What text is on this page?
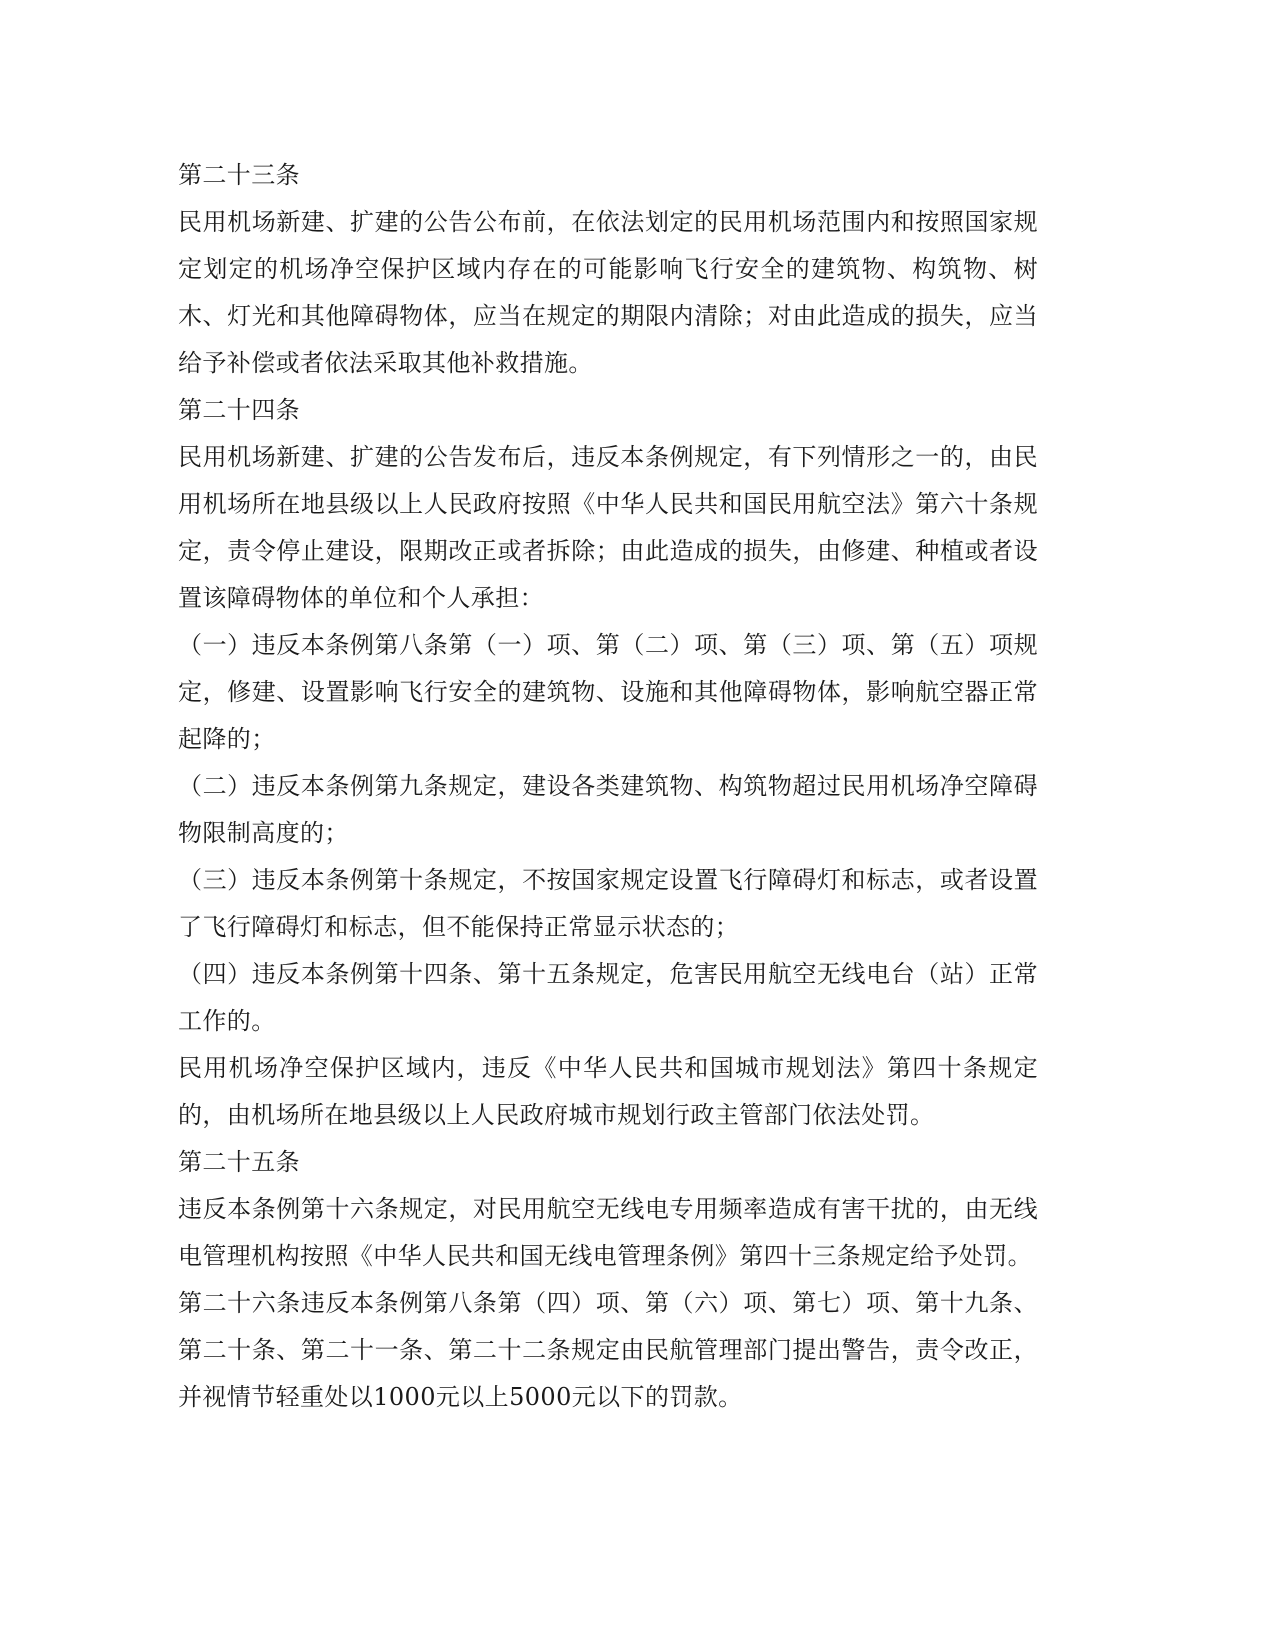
第二十三条

民用机场新建、扩建的公告公布前，在依法划定的民用机场范围内和按照国家规定划定的机场净空保护区域内存在的可能影响飞行安全的建筑物、构筑物、树木、灯光和其他障碍物体，应当在规定的期限内清除；对由此造成的损失，应当给予补偿或者依法采取其他补救措施。

第二十四条

民用机场新建、扩建的公告发布后，违反本条例规定，有下列情形之一的，由民用机场所在地县级以上人民政府按照《中华人民共和国民用航空法》第六十条规定，责令停止建设，限期改正或者拆除；由此造成的损失，由修建、种植或者设置该障碍物体的单位和个人承担：

（一）违反本条例第八条第（一）项、第（二）项、第（三）项、第（五）项规定，修建、设置影响飞行安全的建筑物、设施和其他障碍物体，影响航空器正常起降的；

（二）违反本条例第九条规定，建设各类建筑物、构筑物超过民用机场净空障碍物限制高度的；

（三）违反本条例第十条规定，不按国家规定设置飞行障碍灯和标志，或者设置了飞行障碍灯和标志，但不能保持正常显示状态的；

（四）违反本条例第十四条、第十五条规定，危害民用航空无线电台（站）正常工作的。

民用机场净空保护区域内，违反《中华人民共和国城市规划法》第四十条规定的，由机场所在地县级以上人民政府城市规划行政主管部门依法处罚。

第二十五条

违反本条例第十六条规定，对民用航空无线电专用频率造成有害干扰的，由无线电管理机构按照《中华人民共和国无线电管理条例》第四十三条规定给予处罚。

第二十六条违反本条例第八条第（四）项、第（六）项、第七）项、第十九条、第二十条、第二十一条、第二十二条规定由民航管理部门提出警告，责令改正，并视情节轻重处以1000元以上5000元以下的罚款。
